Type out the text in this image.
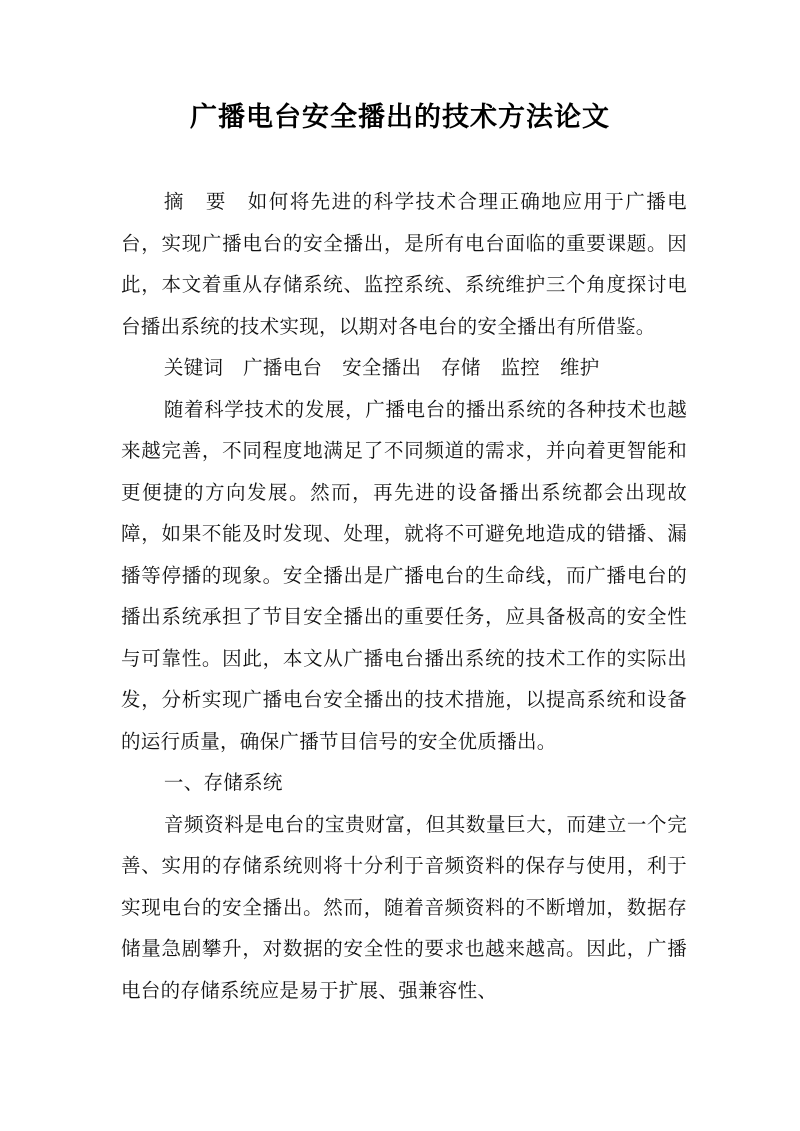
广播电台安全播出的技术方法论文

摘　要　如何将先进的科学技术合理正确地应用于广播电台，实现广播电台的安全播出，是所有电台面临的重要课题。因此，本文着重从存储系统、监控系统、系统维护三个角度探讨电台播出系统的技术实现，以期对各电台的安全播出有所借鉴。

关键词　广播电台　安全播出　存储　监控　维护

随着科学技术的发展，广播电台的播出系统的各种技术也越来越完善，不同程度地满足了不同频道的需求，并向着更智能和更便捷的方向发展。然而，再先进的设备播出系统都会出现故障，如果不能及时发现、处理，就将不可避免地造成的错播、漏播等停播的现象。安全播出是广播电台的生命线，而广播电台的播出系统承担了节目安全播出的重要任务，应具备极高的安全性与可靠性。因此，本文从广播电台播出系统的技术工作的实际出发，分析实现广播电台安全播出的技术措施，以提高系统和设备的运行质量，确保广播节目信号的安全优质播出。

一、存储系统

音频资料是电台的宝贵财富，但其数量巨大，而建立一个完善、实用的存储系统则将十分利于音频资料的保存与使用，利于实现电台的安全播出。然而，随着音频资料的不断增加，数据存储量急剧攀升，对数据的安全性的要求也越来越高。因此，广播电台的存储系统应是易于扩展、强兼容性、
